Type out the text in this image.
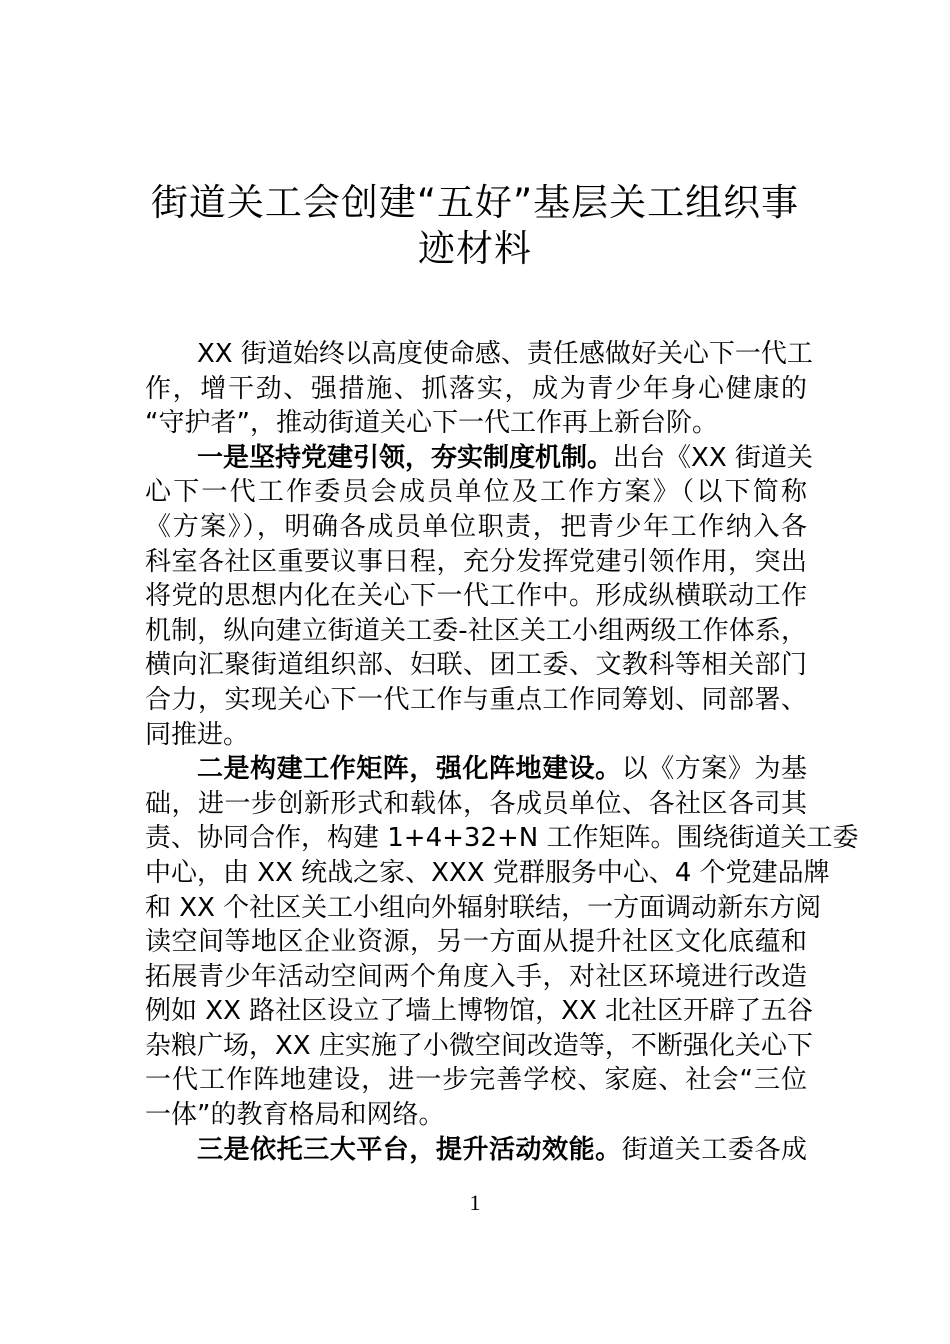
街道关工会创建“五好”基层关工组织事
迹材料
XX 街道始终以高度使命感、责任感做好关心下一代工
作，增干劲、强措施、抓落实，成为青少年身心健康的
“守护者”，推动街道关心下一代工作再上新台阶。
一是坚持党建引领，夯实制度机制。出台《XX 街道关
心下一代工作委员会成员单位及工作方案》（以下简称
《方案》），明确各成员单位职责，把青少年工作纳入各
科室各社区重要议事日程，充分发挥党建引领作用，突出
将党的思想内化在关心下一代工作中。形成纵横联动工作
机制，纵向建立街道关工委-社区关工小组两级工作体系，
横向汇聚街道组织部、妇联、团工委、文教科等相关部门
合力，实现关心下一代工作与重点工作同筹划、同部署、
同推进。
二是构建工作矩阵，强化阵地建设。以《方案》为基
础，进一步创新形式和载体，各成员单位、各社区各司其
责、协同合作，构建 1+4+32+N 工作矩阵。围绕街道关工委
中心，由 XX 统战之家、XXX 党群服务中心、4 个党建品牌
和 XX 个社区关工小组向外辐射联结，一方面调动新东方阅
读空间等地区企业资源，另一方面从提升社区文化底蕴和
拓展青少年活动空间两个角度入手，对社区环境进行改造
例如 XX 路社区设立了墙上博物馆，XX 北社区开辟了五谷
杂粮广场，XX 庄实施了小微空间改造等，不断强化关心下
一代工作阵地建设，进一步完善学校、家庭、社会“三位
一体”的教育格局和网络。
三是依托三大平台，提升活动效能。街道关工委各成
1
